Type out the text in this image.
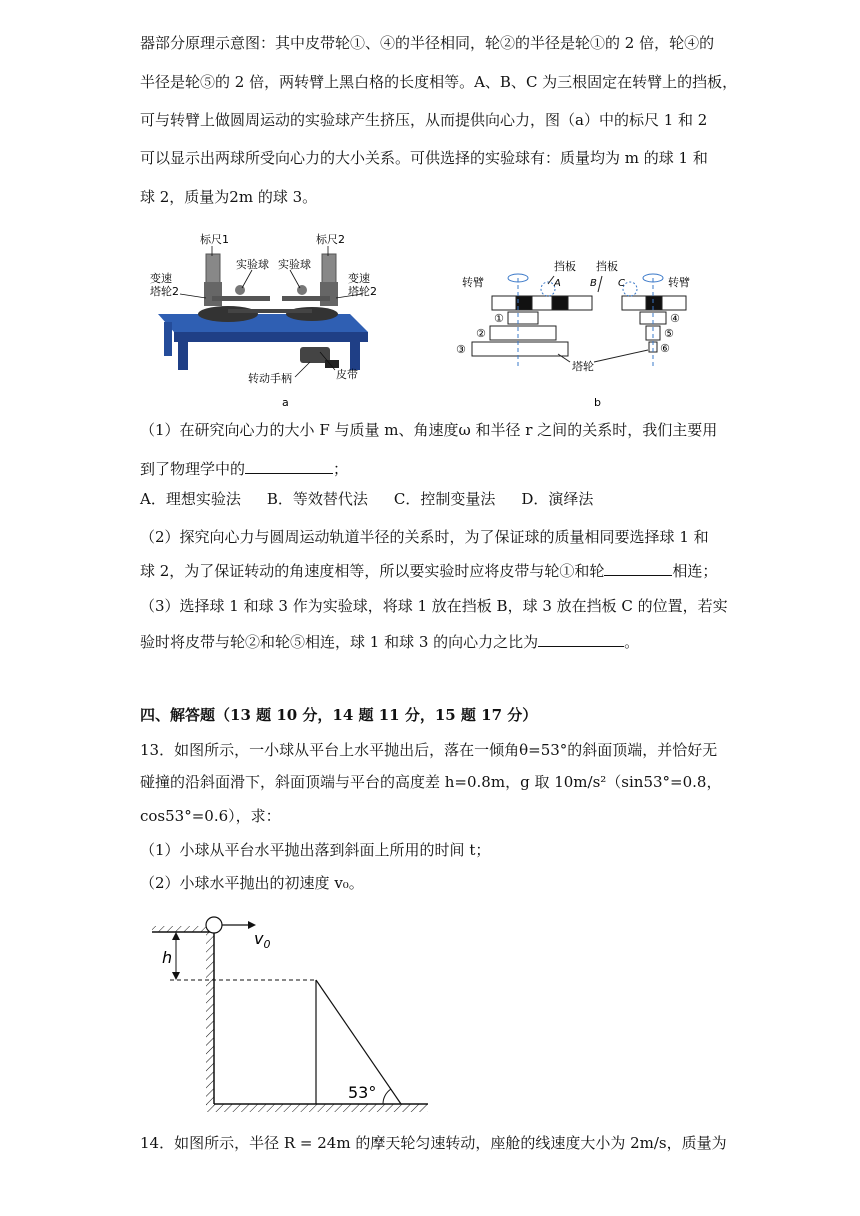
器部分原理示意图：其中皮带轮①、④的半径相同，轮②的半径是轮①的 2 倍，轮④的
半径是轮⑤的 2 倍，两转臂上黑白格的长度相等。A、B、C 为三根固定在转臂上的挡板，
可与转臂上做圆周运动的实验球产生挤压，从而提供向心力，图（a）中的标尺 1 和 2
可以显示出两球所受向心力的大小关系。可供选择的实验球有：质量均为 m 的球 1 和
球 2，质量为2m 的球 3。
标尺1	标尺2
实验球 实验球
变速
塔轮2
变速
塔轮2
转动手柄	皮带
a
转臂	转臂
挡板 挡板
A	B C
①
②
③
④
⑤
⑥
塔轮
b
（1）在研究向心力的大小 F 与质量 m、角速度ω 和半径 r 之间的关系时，我们主要用
到了物理学中的	；
A．理想实验法 B．等效替代法 C．控制变量法 D．演绎法
（2）探究向心力与圆周运动轨道半径的关系时，为了保证球的质量相同要选择球 1 和
球 2，为了保证转动的角速度相等，所以要实验时应将皮带与轮①和轮	相连；
（3）选择球 1 和球 3 作为实验球，将球 1 放在挡板 B，球 3 放在挡板 C 的位置，若实
验时将皮带与轮②和轮⑤相连，球 1 和球 3 的向心力之比为	。
四、解答题（13 题 10 分，14 题 11 分，15 题 17 分）
13．如图所示，一小球从平台上水平抛出后，落在一倾角θ=53°的斜面顶端，并恰好无
碰撞的沿斜面滑下，斜面顶端与平台的高度差 h=0.8m，g 取 10m/s²（sin53°=0.8，
cos53°=0.6），求：
（1）小球从平台水平抛出落到斜面上所用的时间 t；
（2）小球水平抛出的初速度 v₀。
$v_0$
h
53°
14．如图所示，半径 R = 24m 的摩天轮匀速转动，座舱的线速度大小为 2m/s，质量为
